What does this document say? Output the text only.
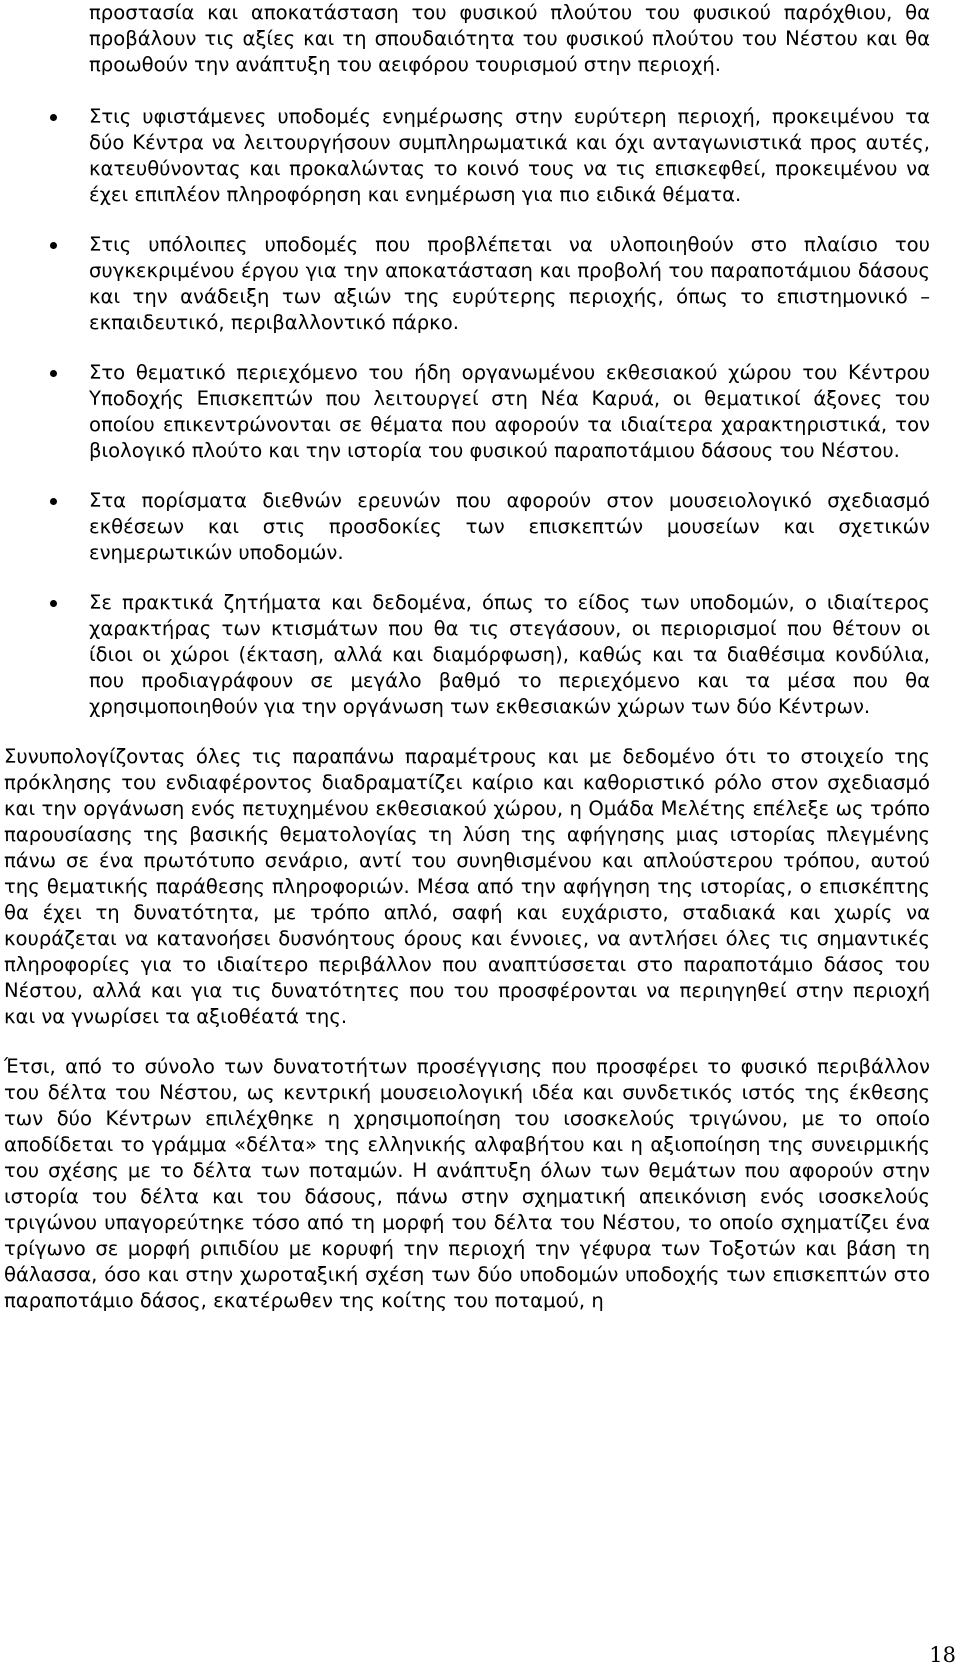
προστασία και αποκατάσταση του φυσικού πλούτου του φυσικού παρόχθιου, θα προβάλουν τις αξίες και τη σπουδαιότητα του φυσικού πλούτου του Νέστου και θα προωθούν την ανάπτυξη του αειφόρου τουρισμού στην περιοχή.

Στις υφιστάμενες υποδομές ενημέρωσης στην ευρύτερη περιοχή, προκειμένου τα δύο Κέντρα να λειτουργήσουν συμπληρωματικά και όχι ανταγωνιστικά προς αυτές, κατευθύνοντας και προκαλώντας το κοινό τους να τις επισκεφθεί, προκειμένου να έχει επιπλέον πληροφόρηση και ενημέρωση για πιο ειδικά θέματα.

Στις υπόλοιπες υποδομές που προβλέπεται να υλοποιηθούν στο πλαίσιο του συγκεκριμένου έργου για την αποκατάσταση και προβολή του παραποτάμιου δάσους και την ανάδειξη των αξιών της ευρύτερης περιοχής, όπως το επιστημονικό – εκπαιδευτικό, περιβαλλοντικό πάρκο.

Στο θεματικό περιεχόμενο του ήδη οργανωμένου εκθεσιακού χώρου του Κέντρου Υποδοχής Επισκεπτών που λειτουργεί στη Νέα Καρυά, οι θεματικοί άξονες του οποίου επικεντρώνονται σε θέματα που αφορούν τα ιδιαίτερα χαρακτηριστικά, τον βιολογικό πλούτο και την ιστορία του φυσικού παραποτάμιου δάσους του Νέστου.

Στα πορίσματα διεθνών ερευνών που αφορούν στον μουσειολογικό σχεδιασμό εκθέσεων και στις προσδοκίες των επισκεπτών μουσείων και σχετικών ενημερωτικών υποδομών.

Σε πρακτικά ζητήματα και δεδομένα, όπως το είδος των υποδομών, ο ιδιαίτερος χαρακτήρας των κτισμάτων που θα τις στεγάσουν, οι περιορισμοί που θέτουν οι ίδιοι οι χώροι (έκταση, αλλά και διαμόρφωση), καθώς και τα διαθέσιμα κονδύλια, που προδιαγράφουν σε μεγάλο βαθμό το περιεχόμενο και τα μέσα που θα χρησιμοποιηθούν για την οργάνωση των εκθεσιακών χώρων των δύο Κέντρων.

Συνυπολογίζοντας όλες τις παραπάνω παραμέτρους και με δεδομένο ότι το στοιχείο της πρόκλησης του ενδιαφέροντος διαδραματίζει καίριο και καθοριστικό ρόλο στον σχεδιασμό και την οργάνωση ενός πετυχημένου εκθεσιακού χώρου, η Ομάδα Μελέτης επέλεξε ως τρόπο παρουσίασης της βασικής θεματολογίας τη λύση της αφήγησης μιας ιστορίας πλεγμένης πάνω σε ένα πρωτότυπο σενάριο, αντί του συνηθισμένου και απλούστερου τρόπου, αυτού της θεματικής παράθεσης πληροφοριών. Μέσα από την αφήγηση της ιστορίας, ο επισκέπτης θα έχει τη δυνατότητα, με τρόπο απλό, σαφή και ευχάριστο, σταδιακά και χωρίς να κουράζεται να κατανοήσει δυσνόητους όρους και έννοιες, να αντλήσει όλες τις σημαντικές πληροφορίες για το ιδιαίτερο περιβάλλον που αναπτύσσεται στο παραποτάμιο δάσος του Νέστου, αλλά και για τις δυνατότητες που του προσφέρονται να περιηγηθεί στην περιοχή και να γνωρίσει τα αξιοθέατά της.

Έτσι, από το σύνολο των δυνατοτήτων προσέγγισης που προσφέρει το φυσικό περιβάλλον του δέλτα του Νέστου, ως κεντρική μουσειολογική ιδέα και συνδετικός ιστός της έκθεσης των δύο Κέντρων επιλέχθηκε η χρησιμοποίηση του ισοσκελούς τριγώνου, με το οποίο αποδίδεται το γράμμα «δέλτα» της ελληνικής αλφαβήτου και η αξιοποίηση της συνειρμικής του σχέσης με το δέλτα των ποταμών. Η ανάπτυξη όλων των θεμάτων που αφορούν στην ιστορία του δέλτα και του δάσους, πάνω στην σχηματική απεικόνιση ενός ισοσκελούς τριγώνου υπαγορεύτηκε τόσο από τη μορφή του δέλτα του Νέστου, το οποίο σχηματίζει ένα τρίγωνο σε μορφή ριπιδίου με κορυφή την περιοχή την γέφυρα των Τοξοτών και βάση τη θάλασσα, όσο και στην χωροταξική σχέση των δύο υποδομών υποδοχής των επισκεπτών στο παραποτάμιο δάσος, εκατέρωθεν της κοίτης του ποταμού, η

18
